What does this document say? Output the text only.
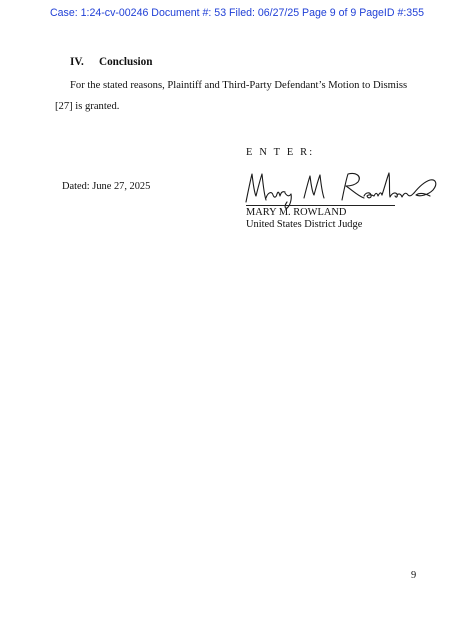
Case: 1:24-cv-00246 Document #: 53 Filed: 06/27/25 Page 9 of 9 PageID #:355
IV. Conclusion
For the stated reasons, Plaintiff and Third-Party Defendant’s Motion to Dismiss
[27] is granted.
E N T E R:
Dated: June 27, 2025
MARY M. ROWLAND
United States District Judge
9
